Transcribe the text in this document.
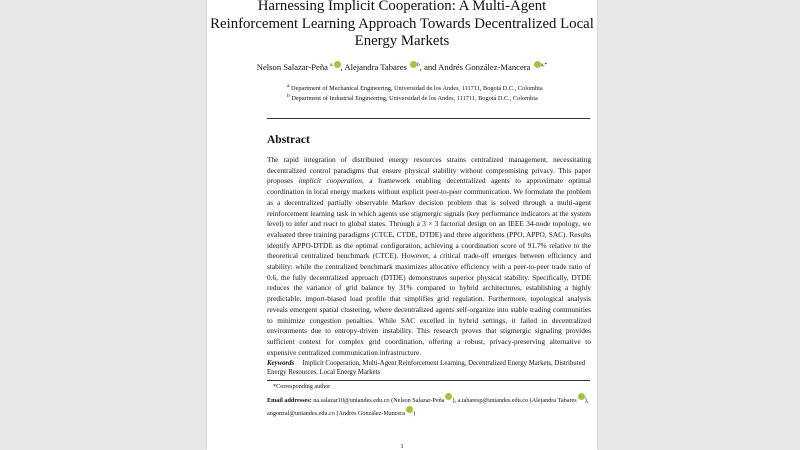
Harnessing Implicit Cooperation: A Multi-Agent
Reinforcement Learning Approach Towards Decentralized Local
Energy Markets
Nelson Salazar-Peña $^a$ , Alejandra Tabares $^b$, and Andrés González-Mancera $^{a,*}$
$^a$ Department of Mechanical Engineering, Universidad de los Andes, 111711, Bogotá D.C., Colombia
$^b$ Department of Industrial Engineering, Universidad de los Andes, 111711, Bogotá D.C., Colombia
Abstract
The rapid integration of distributed energy resources strains centralized management, necessitating decentralized control paradigms that ensure physical stability without compromising privacy. This paper proposes implicit cooperation, a framework enabling decentralized agents to approximate optimal coordination in local energy markets without explicit peer-to-peer communication. We formulate the problem as a decentralized partially observable Markov decision problem that is solved through a multi-agent reinforcement learning task in which agents use stigmergic signals (key performance indicators at the system level) to infer and react to global states. Through a 3 × 3 factorial design on an IEEE 34-node topology, we evaluated three training paradigms (CTCE, CTDE, DTDE) and three algorithms (PPO, APPO, SAC). Results identify APPO-DTDE as the optimal configuration, achieving a coordination score of 91.7% relative to the theoretical centralized benchmark (CTCE). However, a critical trade-off emerges between efficiency and stability: while the centralized benchmark maximizes allocative efficiency with a peer-to-peer trade ratio of 0.6, the fully decentralized approach (DTDE) demonstrates superior physical stability. Specifically, DTDE reduces the variance of grid balance by 31% compared to hybrid architectures, establishing a highly predictable, import-biased load profile that simplifies grid regulation. Furthermore, topological analysis reveals emergent spatial clustering, where decentralized agents self-organize into stable trading communities to minimize congestion penalties. While SAC excelled in hybrid settings, it failed in decentralized environments due to entropy-driven instability. This research proves that stigmergic signaling provides sufficient context for complex grid coordination, offering a robust, privacy-preserving alternative to expensive centralized communication infrastructure.
Keywords Implicit Cooperation, Multi-Agent Reinforcement Learning, Decentralized Energy Markets, Distributed Energy Resources, Local Energy Markets
*Corresponding author
Email addresses: na.salazar10@uniandes.edu.co (Nelson Salazar-Peña ), a.tabaresp@uniandes.edu.co (Alejandra Tabares ),
angonzal@uniandes.edu.co (Andrés González-Mancera )
1
